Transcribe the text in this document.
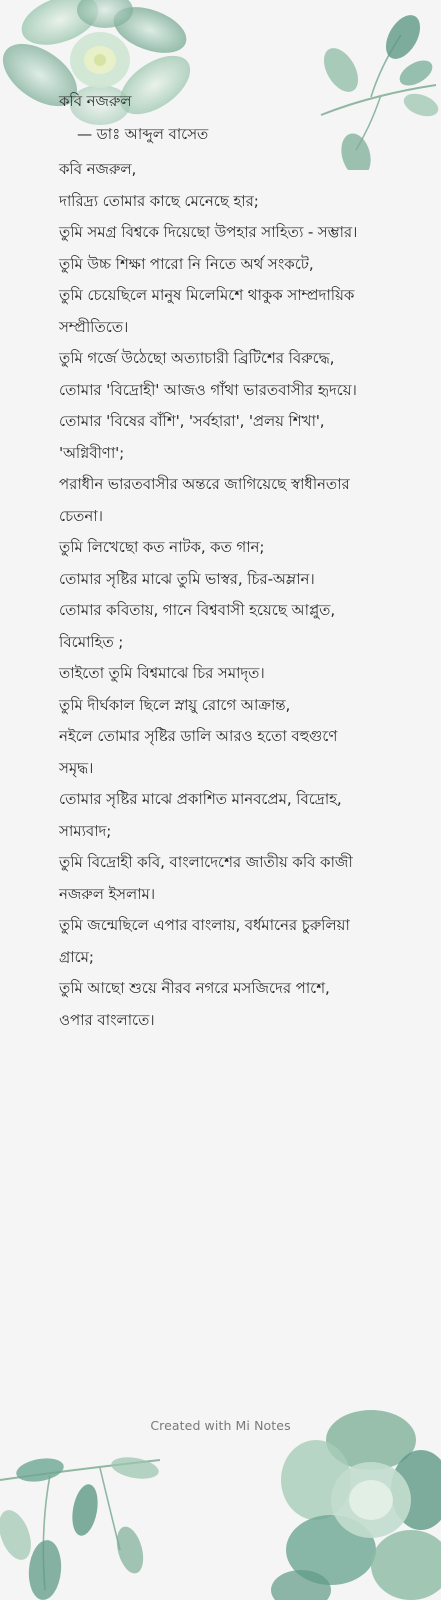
কবি নজরুল
— ডাঃ আব্দুল বাসেত
কবি নজরুল,
দারিদ্র্য তোমার কাছে মেনেছে হার;
তুমি সমগ্র বিশ্বকে দিয়েছো উপহার সাহিত্য - সম্ভার।
তুমি উচ্চ শিক্ষা পারো নি নিতে অর্থ সংকটে,
তুমি চেয়েছিলে মানুষ মিলেমিশে থাকুক সাম্প্রদায়িক
সম্প্রীতিতে।
তুমি গর্জে উঠেছো অত্যাচারী ব্রিটিশের বিরুদ্ধে,
তোমার 'বিদ্রোহী' আজও গাঁথা ভারতবাসীর হৃদয়ে।
তোমার 'বিষের বাঁশি', 'সর্বহারা', 'প্রলয় শিখা',
'অগ্নিবীণা';
পরাধীন ভারতবাসীর অন্তরে জাগিয়েছে স্বাধীনতার
চেতনা।
তুমি লিখেছো কত নাটক, কত গান;
তোমার সৃষ্টির মাঝে তুমি ভাস্বর, চির-অম্লান।
তোমার কবিতায়, গানে বিশ্ববাসী হয়েছে আপ্লুত,
বিমোহিত ;
তাইতো তুমি বিশ্বমাঝে চির সমাদৃত।
তুমি দীর্ঘকাল ছিলে স্নায়ু রোগে আক্রান্ত,
নইলে তোমার সৃষ্টির ডালি আরও হতো বহুগুণে
সমৃদ্ধ।
তোমার সৃষ্টির মাঝে প্রকাশিত মানবপ্রেম, বিদ্রোহ,
সাম্যবাদ;
তুমি বিদ্রোহী কবি, বাংলাদেশের জাতীয় কবি কাজী
নজরুল ইসলাম।
তুমি জন্মেছিলে এপার বাংলায়, বর্ধমানের চুরুলিয়া
গ্রামে;
তুমি আছো শুয়ে নীরব নগরে মসজিদের পাশে,
ওপার বাংলাতে।
Created with Mi Notes
